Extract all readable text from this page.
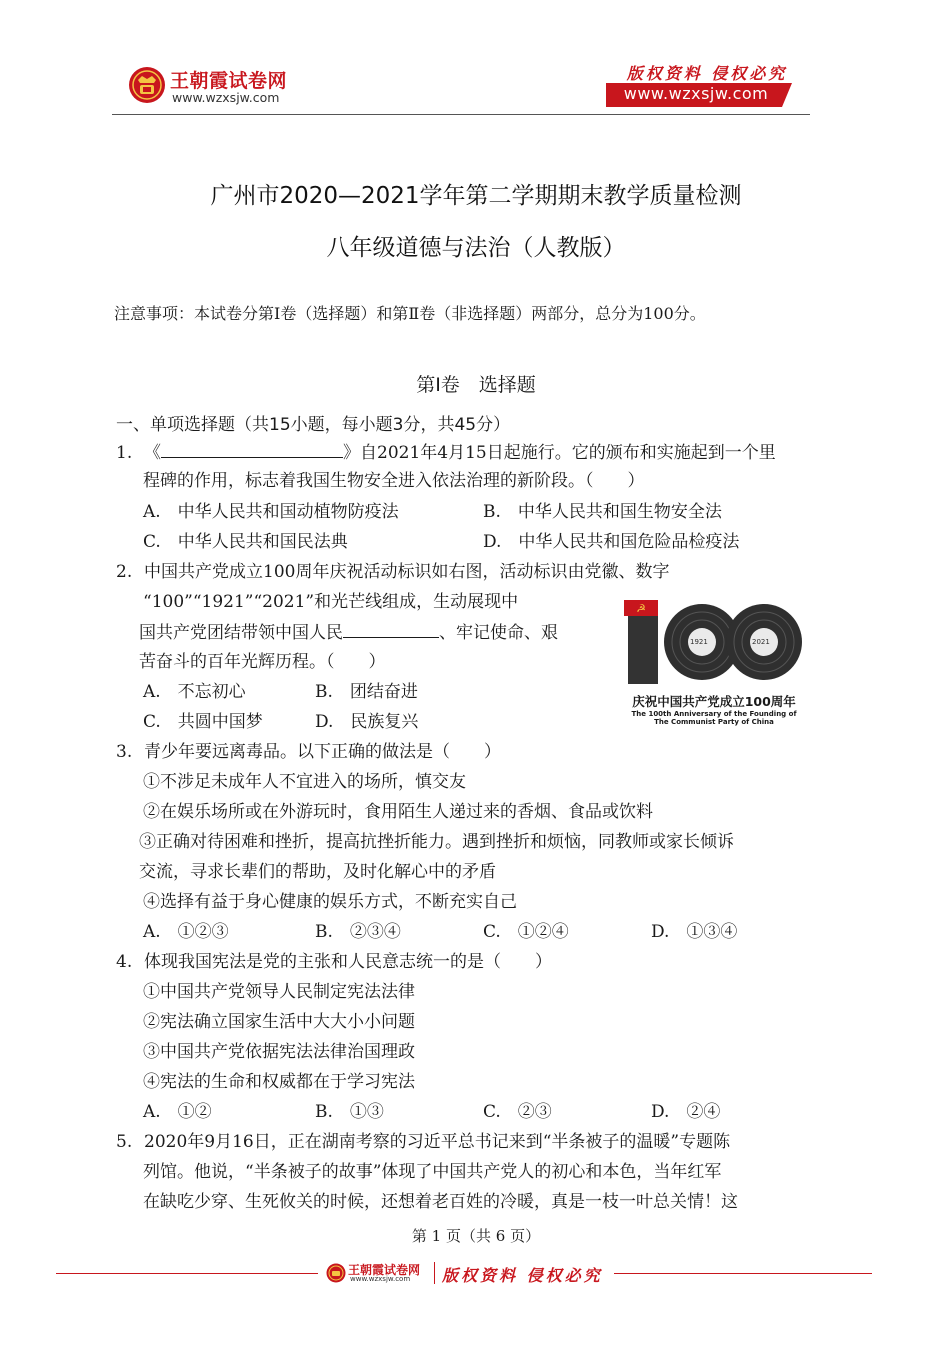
王朝霞试卷网
www.wzxsjw.com
版权资料 侵权必究
www.wzxsjw.com
广州市2020—2021学年第二学期期末教学质量检测
八年级道德与法治（人教版）
注意事项：本试卷分第Ⅰ卷（选择题）和第Ⅱ卷（非选择题）两部分，总分为100分。
第Ⅰ卷　选择题
一、单项选择题（共15小题，每小题3分，共45分）
1. 《	》自2021年4月15日起施行。它的颁布和实施起到一个里
程碑的作用，标志着我国生物安全进入依法治理的新阶段。（　　）
A.　中华人民共和国动植物防疫法	B.　中华人民共和国生物安全法
C.　中华人民共和国民法典	D.　中华人民共和国危险品检疫法
2. 中国共产党成立100周年庆祝活动标识如右图，活动标识由党徽、数字
“100”“1921”“2021”和光芒线组成，生动展现中
国共产党团结带领中国人民	、牢记使命、艰
苦奋斗的百年光辉历程。（　　）
A.　不忘初心	B.　团结奋进
C.　共圆中国梦	D.　民族复兴
☭
1921	2021
庆祝中国共产党成立100周年
The 100th Anniversary of the Founding of
The Communist Party of China
3. 青少年要远离毒品。以下正确的做法是（　　）
①不涉足未成年人不宜进入的场所，慎交友
②在娱乐场所或在外游玩时，食用陌生人递过来的香烟、食品或饮料
③正确对待困难和挫折，提高抗挫折能力。遇到挫折和烦恼，同教师或家长倾诉
交流，寻求长辈们的帮助，及时化解心中的矛盾
④选择有益于身心健康的娱乐方式，不断充实自己
A.　①②③	B.　②③④	C.　①②④	D.　①③④
4. 体现我国宪法是党的主张和人民意志统一的是（　　）
①中国共产党领导人民制定宪法法律
②宪法确立国家生活中大大小小问题
③中国共产党依据宪法法律治国理政
④宪法的生命和权威都在于学习宪法
A.　①②	B.　①③	C.　②③	D.　②④
5. 2020年9月16日，正在湖南考察的习近平总书记来到“半条被子的温暖”专题陈
列馆。他说，“半条被子的故事”体现了中国共产党人的初心和本色，当年红军
在缺吃少穿、生死攸关的时候，还想着老百姓的冷暖，真是一枝一叶总关情！这
第 1 页（共 6 页）
王朝霞试卷网
www.wzxsjw.com 版权资料 侵权必究
